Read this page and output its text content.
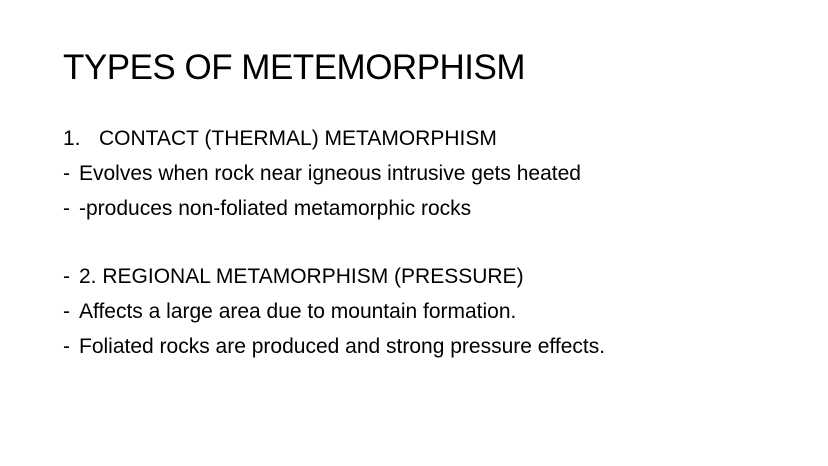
TYPES OF METEMORPHISM
1. CONTACT (THERMAL) METAMORPHISM
- Evolves when rock near igneous intrusive gets heated
- -produces non-foliated metamorphic rocks
- 2. REGIONAL METAMORPHISM (PRESSURE)
- Affects a large area due to mountain formation.
- Foliated rocks are produced and strong pressure effects.
